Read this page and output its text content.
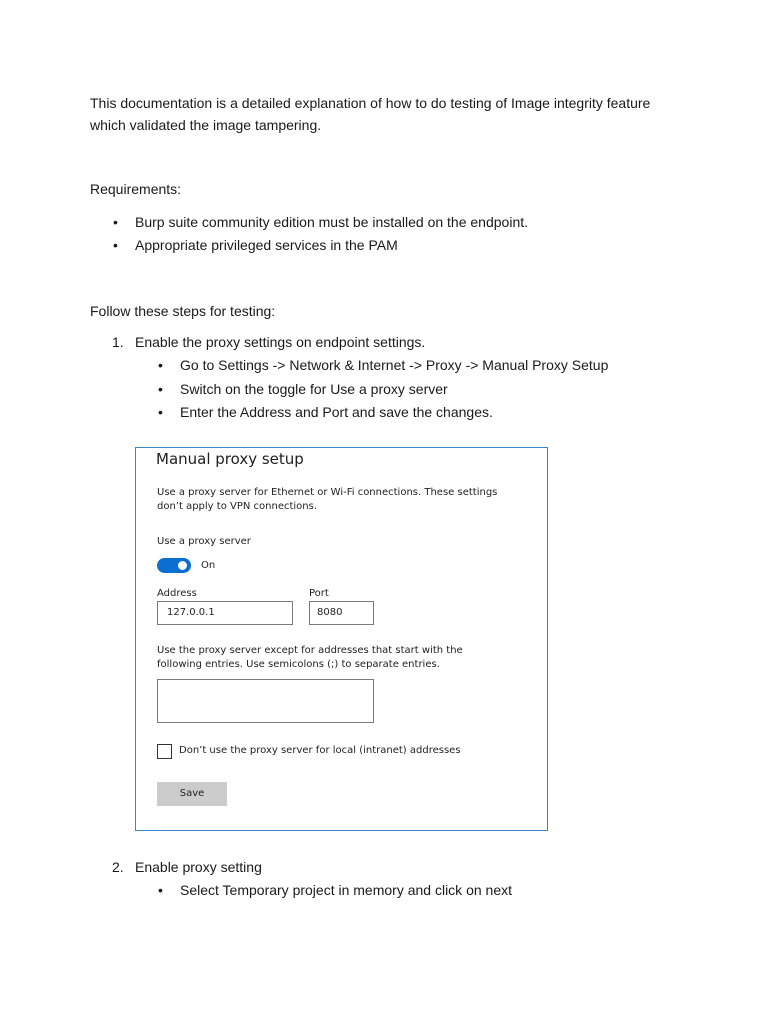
This documentation is a detailed explanation of how to do testing of Image integrity feature which validated the image tampering.

Requirements:

• Burp suite community edition must be installed on the endpoint.
• Appropriate privileged services in the PAM

Follow these steps for testing:

1. Enable the proxy settings on endpoint settings.
• Go to Settings -> Network & Internet -> Proxy -> Manual Proxy Setup
• Switch on the toggle for Use a proxy server
• Enter the Address and Port and save the changes.
Manual proxy setup
Use a proxy server for Ethernet or Wi-Fi connections. These settings don’t apply to VPN connections.
Use a proxy server
On
Address	Port
127.0.0.1	8080
Use the proxy server except for addresses that start with the following entries. Use semicolons (;) to separate entries.
Don’t use the proxy server for local (intranet) addresses
Save
2. Enable proxy setting
• Select Temporary project in memory and click on next
